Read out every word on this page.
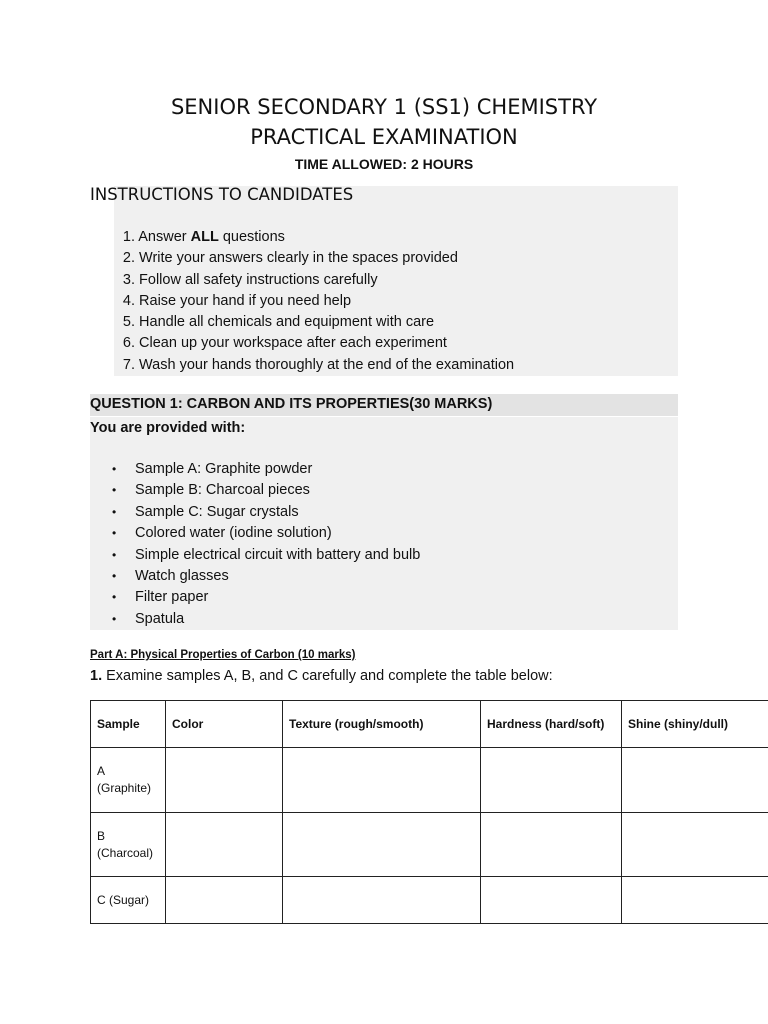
SENIOR SECONDARY 1 (SS1) CHEMISTRY
PRACTICAL EXAMINATION
TIME ALLOWED: 2 HOURS
INSTRUCTIONS TO CANDIDATES
1. Answer ALL questions
2. Write your answers clearly in the spaces provided
3. Follow all safety instructions carefully
4. Raise your hand if you need help
5. Handle all chemicals and equipment with care
6. Clean up your workspace after each experiment
7. Wash your hands thoroughly at the end of the examination
QUESTION 1: CARBON AND ITS PROPERTIES(30 MARKS)
You are provided with:
• Sample A: Graphite powder
• Sample B: Charcoal pieces
• Sample C: Sugar crystals
• Colored water (iodine solution)
• Simple electrical circuit with battery and bulb
• Watch glasses
• Filter paper
• Spatula
Part A: Physical Properties of Carbon (10 marks)
1. Examine samples A, B, and C carefully and complete the table below:
Sample	Color	Texture (rough/smooth)	Hardness (hard/soft)	Shine (shiny/dull)
A (Graphite)				
B (Charcoal)				
C (Sugar)				
